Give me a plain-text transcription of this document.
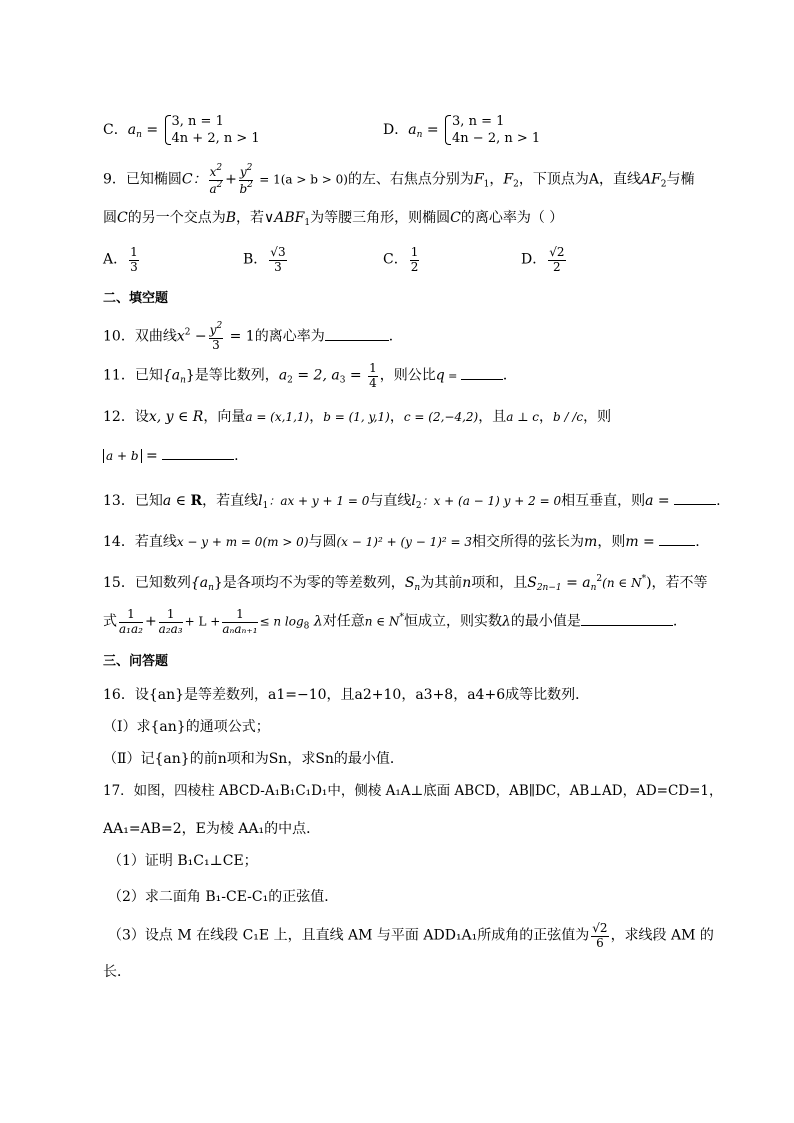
C．$a_n$ =
3, n = 1
4n + 2, n > 1
D．$a_n$ =
3, n = 1
4n − 2, n > 1
9．已知椭圆C： $\frac{x^2}{a^2} + \frac{y^2}{b^2} = 1(a > b > 0)$的左、右焦点分别为$F_1$，$F_2$，下顶点为A，直线$AF_2$与椭
圆C的另一个交点为B，若$\vee ABF_1$为等腰三角形，则椭圆C的离心率为（ ）
A． $\frac{1}{3}$	B． $\frac{√3}{3}$	C． $\frac{1}{2}$	D． $\frac{√2}{2}$
二、填空题
10．双曲线$x^2 - \frac{y^2}{3} = 1$的离心率为	．
11．已知$\{a_n\}$是等比数列，$a_2 = 2$, $a_3 = \frac{1}{4}$ ，则公比q =	．
12．设x, y ∈ R，向量a = (x,1,1)，b = (1, y,1)，c = (2,−4,2)，且a ⊥ c，b / /c，则
a + b =	.
13．已知a ∈ R，若直线$l_1$：ax + y + 1 = 0与直线$l_2$：x + (a − 1) y + 2 = 0相互垂直，则a =	.
14．若直线x − y + m = 0(m > 0)与圆(x − 1)² + (y − 1)² = 3相交所得的弦长为m，则m =	.
15．已知数列$\{a_n\}$是各项均不为零的等差数列，$S_n$为其前n项和，且$S_{2n-1} = a_n^2(n$ ∈ N*)，若不等
式 $\frac{1}{\text{a₁a₂}} + \frac{1}{\text{a₂a₃}} + L + \frac{1}{\text{aₙaₙ₊₁}} \le n$ $\log_8 \lambda$对任意n ∈ N*恒成立，则实数λ的最小值是	.
三、问答题
16．设{an}是等差数列，a1=−10，且a2+10，a3+8，a4+6成等比数列．
（Ⅰ）求{an}的通项公式；
（Ⅱ）记{an}的前n项和为Sn，求Sn的最小值．
17．如图，四棱柱 ABCD-A₁B₁C₁D₁中，侧棱 A₁A⊥底面 ABCD，AB∥DC，AB⊥AD，AD=CD=1，
AA₁=AB=2，E为棱 AA₁的中点．
（1）证明 B₁C₁⊥CE；
（2）求二面角 B₁-CE-C₁的正弦值．
（3）设点 M 在线段 C₁E 上，且直线 AM 与平面 ADD₁A₁所成角的正弦值为 $\frac{√2}{6}$ ，求线段 AM 的
长．
